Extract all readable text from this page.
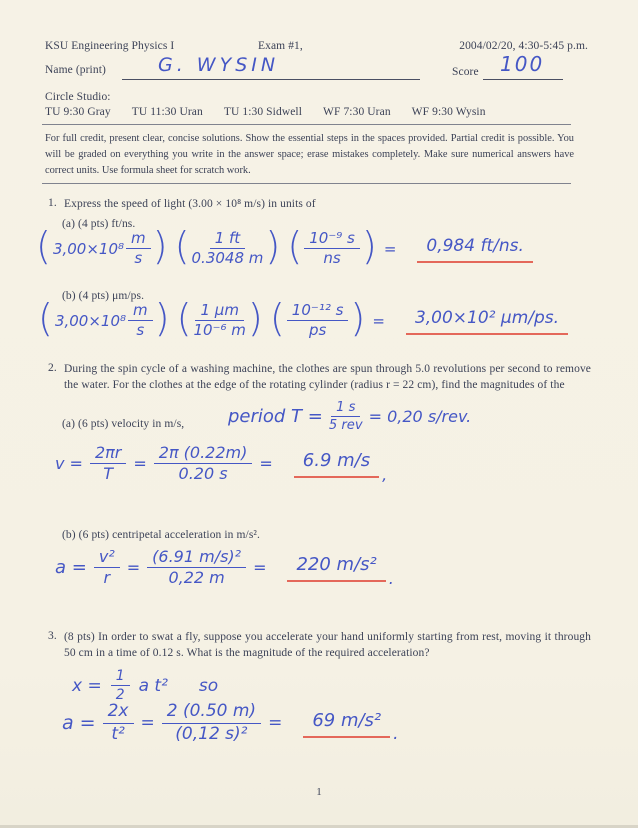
KSU Engineering Physics I	Exam #1,	2004/02/20, 4:30-5:45 p.m.
Name (print)	G. WYSIN	Score 100
Circle Studio:
TU 9:30 Gray TU 11:30 Uran TU 1:30 Sidwell WF 7:30 Uran WF 9:30 Wysin

For full credit, present clear, concise solutions. Show the essential steps in the spaces provided. Partial credit is possible. You will be graded on everything you write in the answer space; erase mistakes completely. Make sure numerical answers have correct units. Use formula sheet for scratch work.

1. Express the speed of light (3.00 × 10⁸ m/s) in units of
(a) (4 pts) ft/ns.
( $3,00\times 10^8 \frac{m}{s}$ ) ( $\frac{1 ft}{0.3048 m}$ ) ( $\frac{\text{10⁻⁹ s}}{ns}$ ) =	0,984 ft/ns.
(b) (4 pts) μm/ps.
( $3,00\times 10^8 \frac{m}{s}$ ) ( $\frac{1 \mu m}{\text{10⁻⁶ m}}$ ) ( $\frac{\text{10⁻¹² s}}{ps}$ ) =	3,00×10² μm/ps.
2. During the spin cycle of a washing machine, the clothes are spun through 5.0 revolutions per second to remove the water. For the clothes at the edge of the rotating cylinder (radius r = 22 cm), find the magnitudes of the
(a) (6 pts) velocity in m/s, period $T = \frac{1 s}{\text{5 rev}} = 0,20$ s/rev.
$v = \frac{2\pi r}{T} = \frac{2\pi (0.22m)}{0.20 s}$ =	6.9 m/s
,
(b) (6 pts) centripetal acceleration in m/s².
$a = \frac{\text{v²}}{r} = \frac{\text{(6.91 m/s)²}}{0,22 m}$ =	220 m/s²
.
3. (8 pts) In order to swat a fly, suppose you accelerate your hand uniformly starting from rest, moving it through 50 cm in a time of 0.12 s. What is the magnitude of the required acceleration?
$x = \frac{1}{2}$ a t² so
$a = \frac{2x}{\text{t²}} = \frac{2 (0.50 m)}{\text{(0,12 s)²}}$ =	69 m/s²
.
1
